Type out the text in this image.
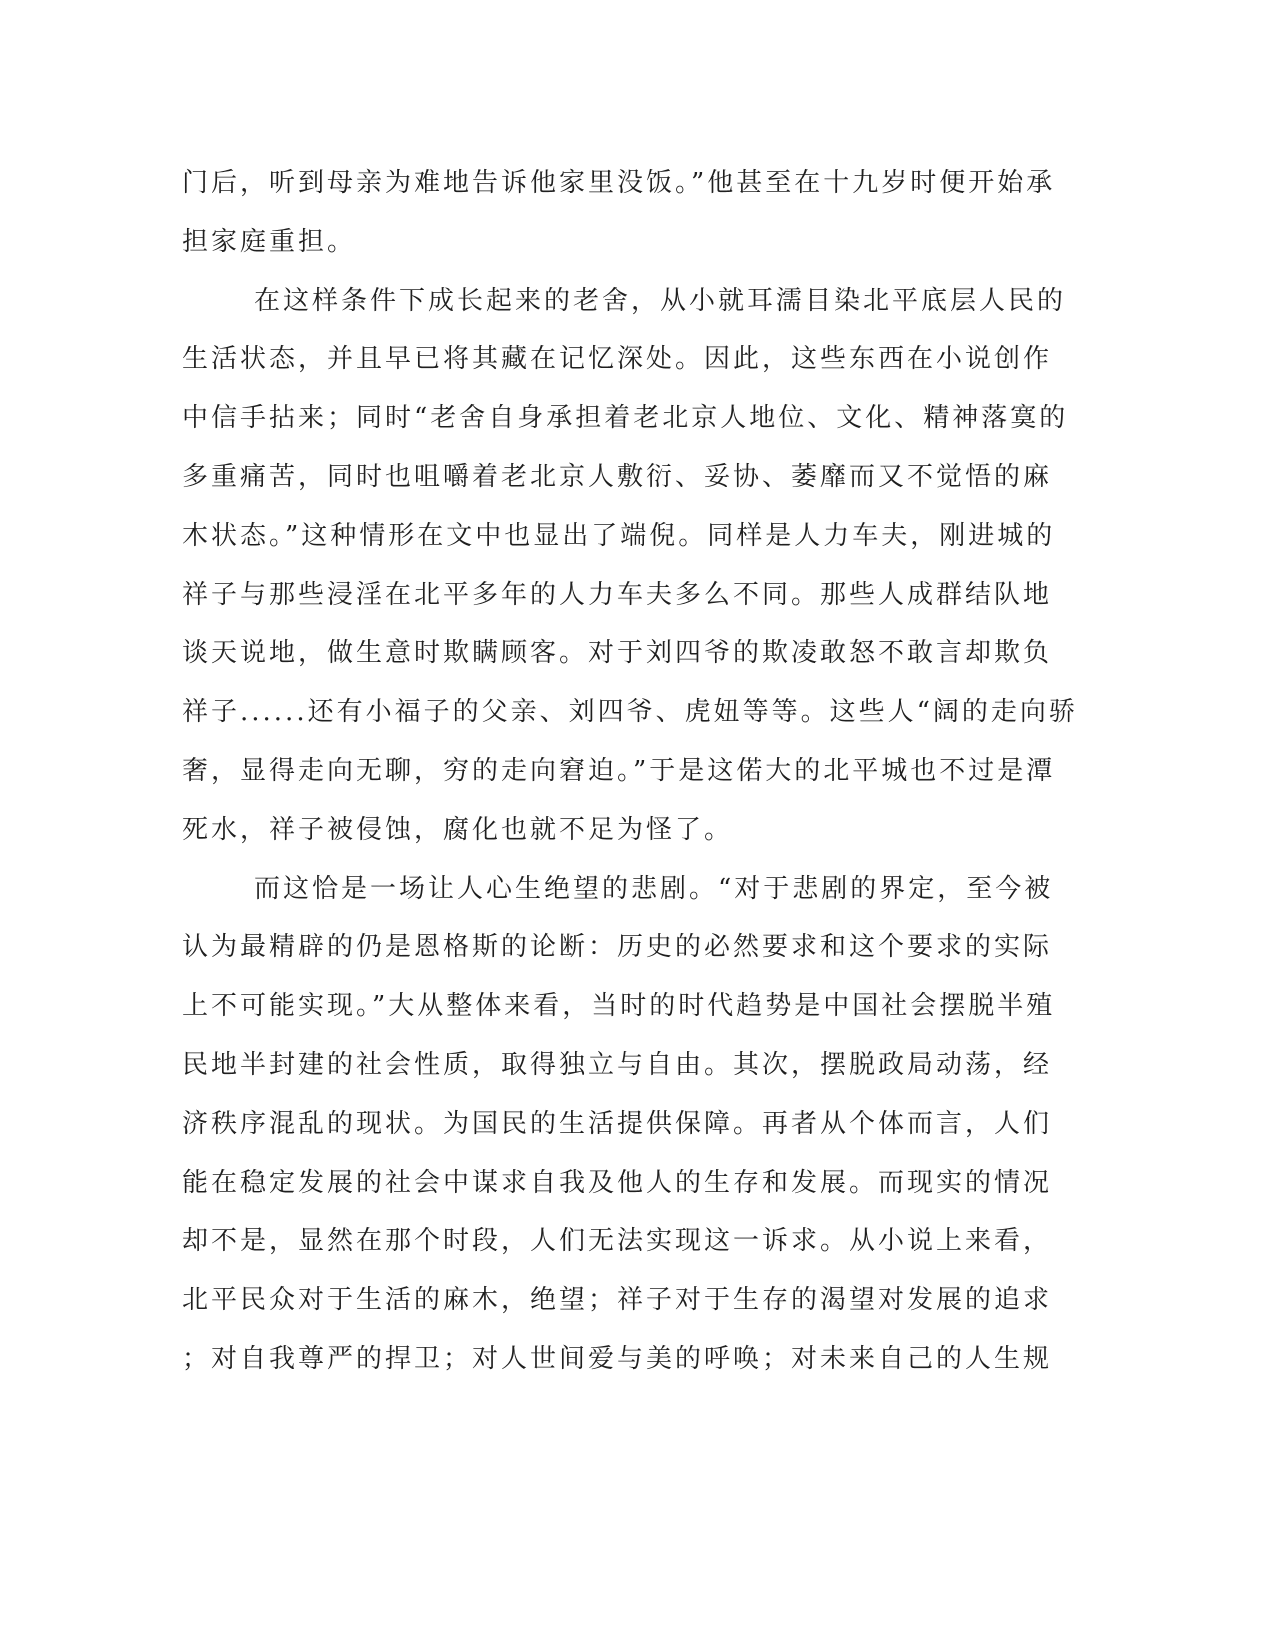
门后，听到母亲为难地告诉他家里没饭。”他甚至在十九岁时便开始承
担家庭重担。
在这样条件下成长起来的老舍，从小就耳濡目染北平底层人民的
生活状态，并且早已将其藏在记忆深处。因此，这些东西在小说创作
中信手拈来；同时“老舍自身承担着老北京人地位、文化、精神落寞的
多重痛苦，同时也咀嚼着老北京人敷衍、妥协、萎靡而又不觉悟的麻
木状态。”这种情形在文中也显出了端倪。同样是人力车夫，刚进城的
祥子与那些浸淫在北平多年的人力车夫多么不同。那些人成群结队地
谈天说地，做生意时欺瞒顾客。对于刘四爷的欺凌敢怒不敢言却欺负
祥子......还有小福子的父亲、刘四爷、虎妞等等。这些人“阔的走向骄
奢，显得走向无聊，穷的走向窘迫。”于是这偌大的北平城也不过是潭
死水，祥子被侵蚀，腐化也就不足为怪了。
而这恰是一场让人心生绝望的悲剧。“对于悲剧的界定，至今被
认为最精辟的仍是恩格斯的论断：历史的必然要求和这个要求的实际
上不可能实现。”大从整体来看，当时的时代趋势是中国社会摆脱半殖
民地半封建的社会性质，取得独立与自由。其次，摆脱政局动荡，经
济秩序混乱的现状。为国民的生活提供保障。再者从个体而言，人们
能在稳定发展的社会中谋求自我及他人的生存和发展。而现实的情况
却不是，显然在那个时段，人们无法实现这一诉求。从小说上来看，
北平民众对于生活的麻木，绝望；祥子对于生存的渴望对发展的追求
；对自我尊严的捍卫；对人世间爱与美的呼唤；对未来自己的人生规
